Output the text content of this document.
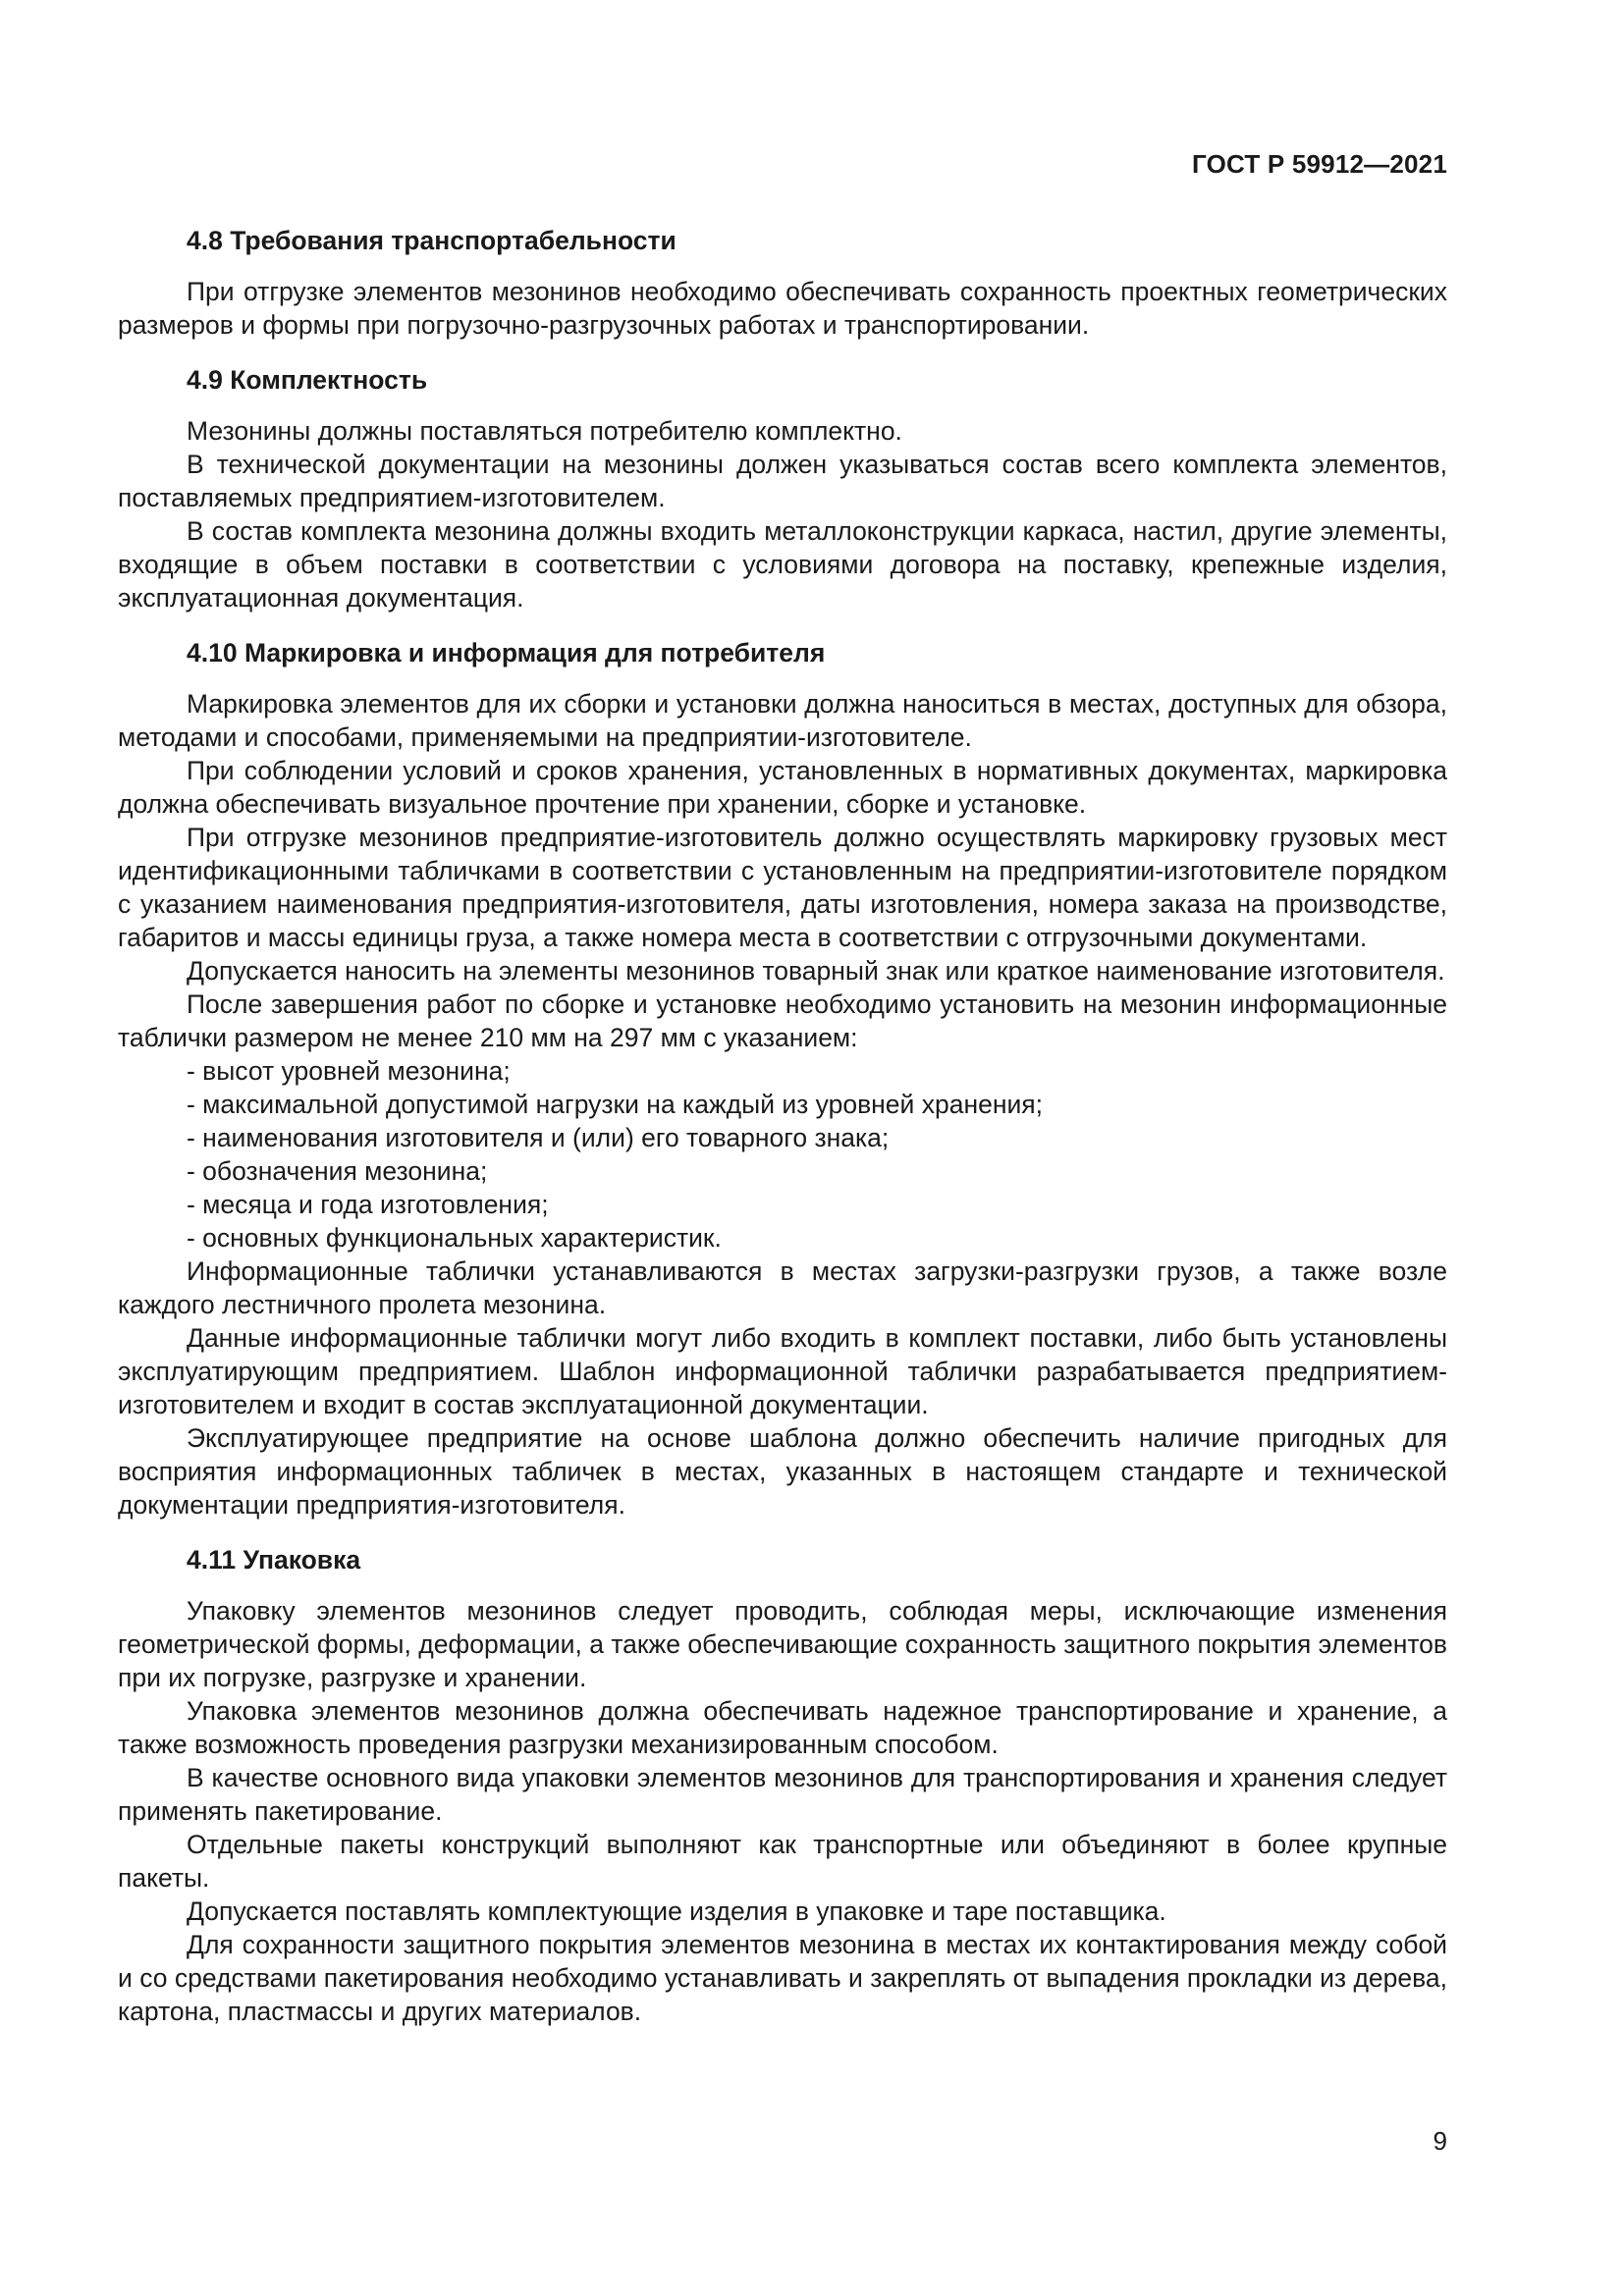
ГОСТ Р 59912—2021
4.8 Требования транспортабельности

При отгрузке элементов мезонинов необходимо обеспечивать сохранность проектных геометрических размеров и формы при погрузочно-разгрузочных работах и транспортировании.

4.9 Комплектность

Мезонины должны поставляться потребителю комплектно.

В технической документации на мезонины должен указываться состав всего комплекта элементов, поставляемых предприятием-изготовителем.

В состав комплекта мезонина должны входить металлоконструкции каркаса, настил, другие элементы, входящие в объем поставки в соответствии с условиями договора на поставку, крепежные изделия, эксплуатационная документация.

4.10 Маркировка и информация для потребителя

Маркировка элементов для их сборки и установки должна наноситься в местах, доступных для обзора, методами и способами, применяемыми на предприятии-изготовителе.

При соблюдении условий и сроков хранения, установленных в нормативных документах, маркировка должна обеспечивать визуальное прочтение при хранении, сборке и установке.

При отгрузке мезонинов предприятие-изготовитель должно осуществлять маркировку грузовых мест идентификационными табличками в соответствии с установленным на предприятии-изготовителе порядком с указанием наименования предприятия-изготовителя, даты изготовления, номера заказа на производстве, габаритов и массы единицы груза, а также номера места в соответствии с отгрузочными документами.

Допускается наносить на элементы мезонинов товарный знак или краткое наименование изготовителя.

После завершения работ по сборке и установке необходимо установить на мезонин информационные таблички размером не менее 210 мм на 297 мм с указанием:

- высот уровней мезонина;

- максимальной допустимой нагрузки на каждый из уровней хранения;

- наименования изготовителя и (или) его товарного знака;

- обозначения мезонина;

- месяца и года изготовления;

- основных функциональных характеристик.

Информационные таблички устанавливаются в местах загрузки-разгрузки грузов, а также возле каждого лестничного пролета мезонина.

Данные информационные таблички могут либо входить в комплект поставки, либо быть установлены эксплуатирующим предприятием. Шаблон информационной таблички разрабатывается предприятием-изготовителем и входит в состав эксплуатационной документации.

Эксплуатирующее предприятие на основе шаблона должно обеспечить наличие пригодных для восприятия информационных табличек в местах, указанных в настоящем стандарте и технической документации предприятия-изготовителя.

4.11 Упаковка

Упаковку элементов мезонинов следует проводить, соблюдая меры, исключающие изменения геометрической формы, деформации, а также обеспечивающие сохранность защитного покрытия элементов при их погрузке, разгрузке и хранении.

Упаковка элементов мезонинов должна обеспечивать надежное транспортирование и хранение, а также возможность проведения разгрузки механизированным способом.

В качестве основного вида упаковки элементов мезонинов для транспортирования и хранения следует применять пакетирование.

Отдельные пакеты конструкций выполняют как транспортные или объединяют в более крупные пакеты.

Допускается поставлять комплектующие изделия в упаковке и таре поставщика.

Для сохранности защитного покрытия элементов мезонина в местах их контактирования между собой и со средствами пакетирования необходимо устанавливать и закреплять от выпадения прокладки из дерева, картона, пластмассы и других материалов.

9
